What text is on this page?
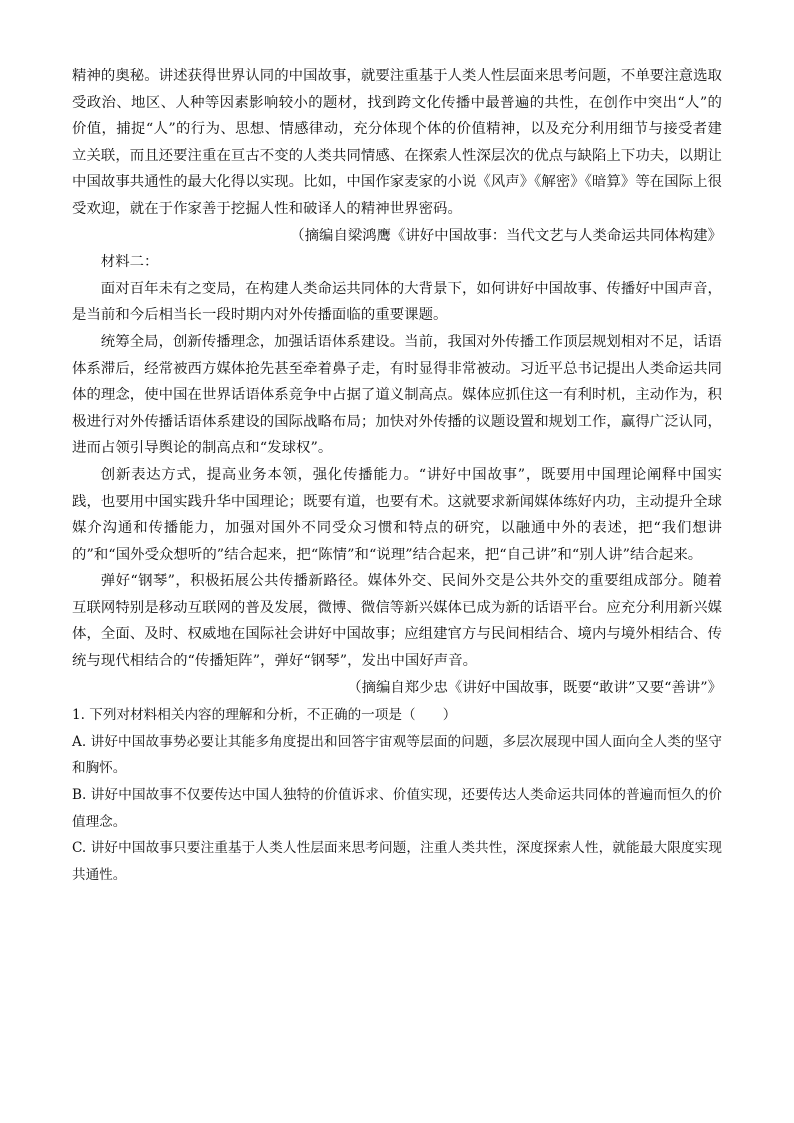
精神的奥秘。讲述获得世界认同的中国故事，就要注重基于人类人性层面来思考问题，不单要注意选取受政治、地区、人种等因素影响较小的题材，找到跨文化传播中最普遍的共性，在创作中突出“人”的价值，捕捉“人”的行为、思想、情感律动，充分体现个体的价值精神，以及充分利用细节与接受者建立关联，而且还要注重在亘古不变的人类共同情感、在探索人性深层次的优点与缺陷上下功夫，以期让中国故事共通性的最大化得以实现。比如，中国作家麦家的小说《风声》《解密》《暗算》等在国际上很受欢迎，就在于作家善于挖掘人性和破译人的精神世界密码。

（摘编自梁鸿鹰《讲好中国故事：当代文艺与人类命运共同体构建》

材料二：

面对百年未有之变局，在构建人类命运共同体的大背景下，如何讲好中国故事、传播好中国声音，是当前和今后相当长一段时期内对外传播面临的重要课题。

统筹全局，创新传播理念，加强话语体系建设。当前，我国对外传播工作顶层规划相对不足，话语体系滞后，经常被西方媒体抢先甚至牵着鼻子走，有时显得非常被动。习近平总书记提出人类命运共同体的理念，使中国在世界话语体系竞争中占据了道义制高点。媒体应抓住这一有利时机，主动作为，积极进行对外传播话语体系建设的国际战略布局；加快对外传播的议题设置和规划工作，赢得广泛认同，进而占领引导舆论的制高点和“发球权”。

创新表达方式，提高业务本领，强化传播能力。“讲好中国故事”，既要用中国理论阐释中国实践，也要用中国实践升华中国理论；既要有道，也要有术。这就要求新闻媒体练好内功，主动提升全球媒介沟通和传播能力，加强对国外不同受众习惯和特点的研究，以融通中外的表述，把“我们想讲的”和“国外受众想听的”结合起来，把“陈情”和“说理”结合起来，把“自己讲”和“别人讲”结合起来。

弹好“钢琴”，积极拓展公共传播新路径。媒体外交、民间外交是公共外交的重要组成部分。随着互联网特别是移动互联网的普及发展，微博、微信等新兴媒体已成为新的话语平台。应充分利用新兴媒体，全面、及时、权威地在国际社会讲好中国故事；应组建官方与民间相结合、境内与境外相结合、传统与现代相结合的“传播矩阵”，弹好“钢琴”，发出中国好声音。

（摘编自郑少忠《讲好中国故事，既要“敢讲”又要“善讲”》

1. 下列对材料相关内容的理解和分析，不正确的一项是（　　）

A. 讲好中国故事势必要让其能多角度提出和回答宇宙观等层面的问题，多层次展现中国人面向全人类的坚守和胸怀。

B. 讲好中国故事不仅要传达中国人独特的价值诉求、价值实现，还要传达人类命运共同体的普遍而恒久的价值理念。

C. 讲好中国故事只要注重基于人类人性层面来思考问题，注重人类共性，深度探索人性，就能最大限度实现共通性。
